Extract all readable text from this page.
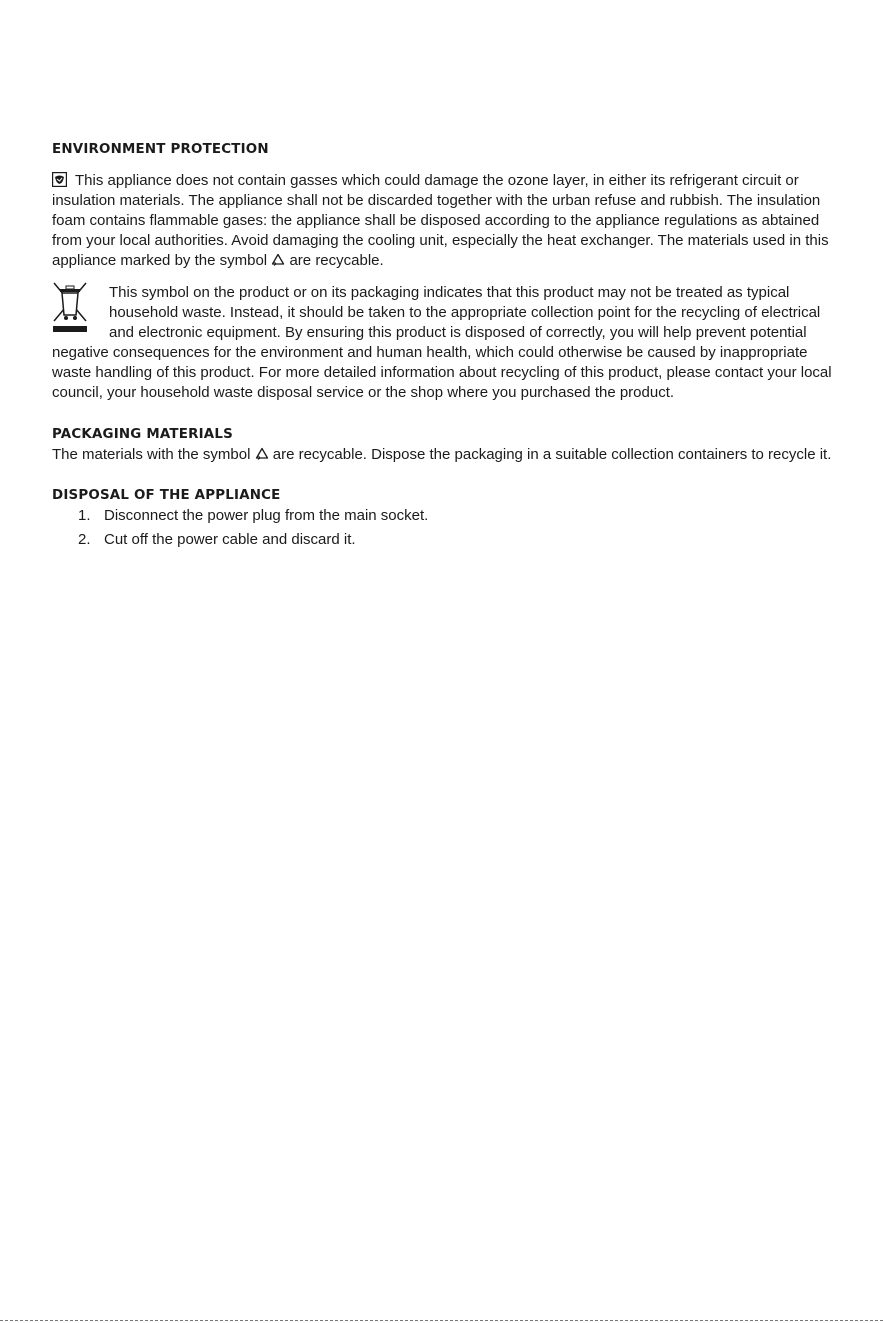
ENVIRONMENT PROTECTION

This appliance does not contain gasses which could damage the ozone layer, in either its refrigerant circuit or insulation materials. The appliance shall not be discarded together with the urban refuse and rubbish. The insulation foam contains flammable gases: the appliance shall be disposed according to the appliance regulations as abtained from your local authorities. Avoid damaging the cooling unit, especially the heat exchanger. The materials used in this appliance marked by the symbol are recycable.

This symbol on the product or on its packaging indicates that this product may not be treated as typical household waste. Instead, it should be taken to the appropriate collection point for the recycling of electrical and electronic equipment. By ensuring this product is disposed of correctly, you will help prevent potential negative consequences for the environment and human health, which could otherwise be caused by inappropriate waste handling of this product. For more detailed information about recycling of this product, please contact your local council, your household waste disposal service or the shop where you purchased the product.
PACKAGING MATERIALS

The materials with the symbol are recycable. Dispose the packaging in a suitable collection containers to recycle it.

DISPOSAL OF THE APPLIANCE
1. Disconnect the power plug from the main socket.
2. Cut off the power cable and discard it.
